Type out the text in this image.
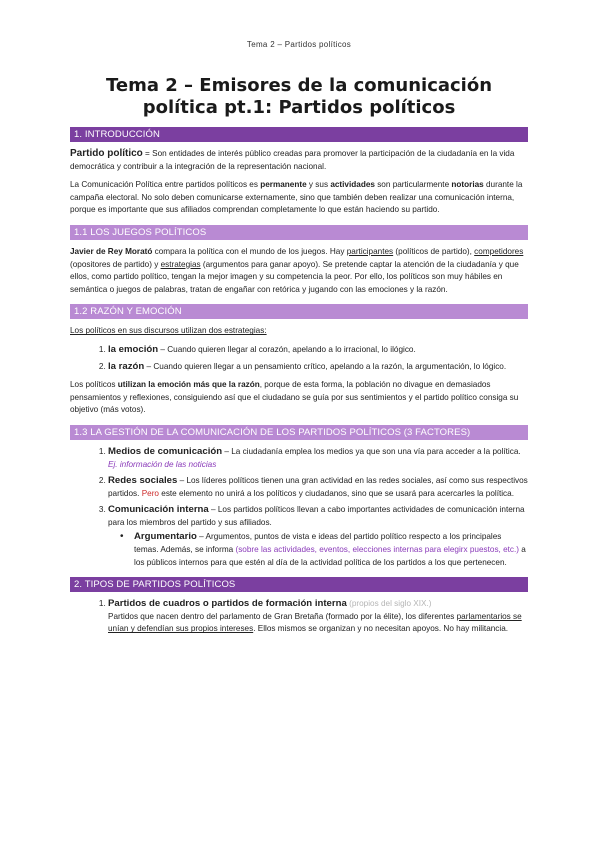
Tema 2 – Partidos políticos
Tema 2 – Emisores de la comunicación
política pt.1: Partidos políticos
1. INTRODUCCIÓN

Partido político = Son entidades de interés público creadas para promover la participación de la ciudadanía en la vida democrática y contribuir a la integración de la representación nacional.

La Comunicación Política entre partidos políticos es permanente y sus actividades son particularmente notorias durante la campaña electoral. No solo deben comunicarse externamente, sino que también deben realizar una comunicación interna, porque es importante que sus afiliados comprendan completamente lo que están haciendo su partido.

1.1 LOS JUEGOS POLÍTICOS

Javier de Rey Morató compara la política con el mundo de los juegos. Hay participantes (políticos de partido), competidores (opositores de partido) y estrategias (argumentos para ganar apoyo). Se pretende captar la atención de la ciudadanía y que ellos, como partido político, tengan la mejor imagen y su competencia la peor. Por ello, los políticos son muy hábiles en semántica o juegos de palabras, tratan de engañar con retórica y jugando con las emociones y la razón.

1.2 RAZÓN Y EMOCIÓN

Los políticos en sus discursos utilizan dos estrategias:

1. la emoción – Cuando quieren llegar al corazón, apelando a lo irracional, lo ilógico.
2. la razón – Cuando quieren llegar a un pensamiento crítico, apelando a la razón, la argumentación, lo lógico.

Los políticos utilizan la emoción más que la razón, porque de esta forma, la población no divague en demasiados pensamientos y reflexiones, consiguiendo así que el ciudadano se guía por sus sentimientos y el partido político consiga su objetivo (más votos).

1.3 LA GESTIÓN DE LA COMUNICACIÓN DE LOS PARTIDOS POLÍTICOS (3 FACTORES)
1. Medios de comunicación – La ciudadanía emplea los medios ya que son una vía para acceder a la política. Ej. información de las noticias
2. Redes sociales – Los líderes políticos tienen una gran actividad en las redes sociales, así como sus respectivos partidos. Pero este elemento no unirá a los políticos y ciudadanos, sino que se usará para acercarles la política.
3. Comunicación interna – Los partidos políticos llevan a cabo importantes actividades de comunicación interna para los miembros del partido y sus afiliados.
• Argumentario – Argumentos, puntos de vista e ideas del partido político respecto a los principales temas. Además, se informa (sobre las actividades, eventos, elecciones internas para elegirx puestos, etc.) a los públicos internos para que estén al día de la actividad política de los partidos a los que pertenecen.
2. TIPOS DE PARTIDOS POLÍTICOS
1. Partidos de cuadros o partidos de formación interna (propios del siglo XIX.)
Partidos que nacen dentro del parlamento de Gran Bretaña (formado por la élite), los diferentes parlamentarios se unían y defendían sus propios intereses. Ellos mismos se organizan y no necesitan apoyos. No hay militancia.
